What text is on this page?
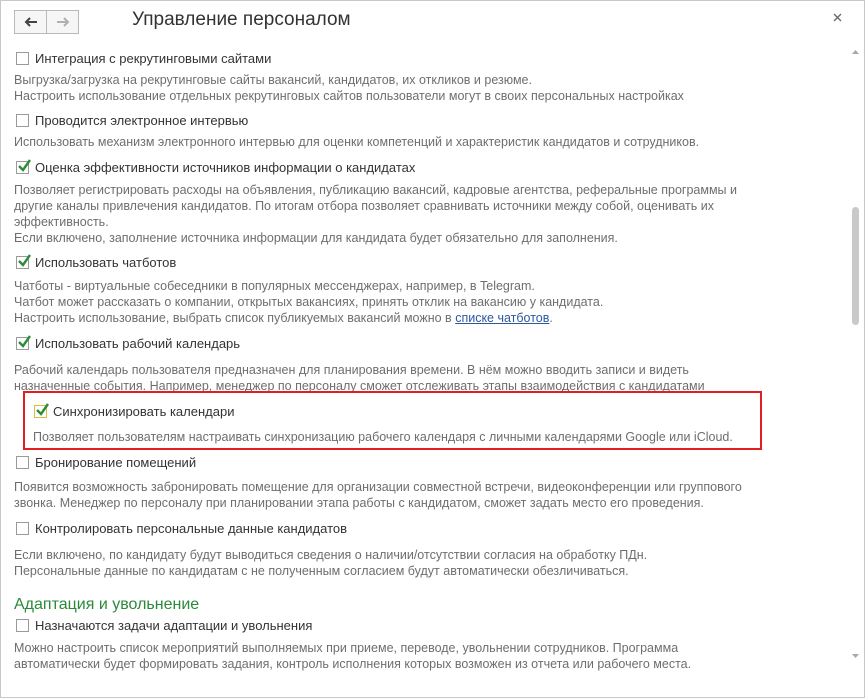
Управление персоналом
Интеграция с рекрутинговыми сайтами
Выгрузка/загрузка на рекрутинговые сайты вакансий, кандидатов, их откликов и резюме.
Настроить использование отдельных рекрутинговых сайтов пользователи могут в своих персональных настройках
Проводится электронное интервью
Использовать механизм электронного интервью для оценки компетенций и характеристик кандидатов и сотрудников.
Оценка эффективности источников информации о кандидатах
Позволяет регистрировать расходы на объявления, публикацию вакансий, кадровые агентства, реферальные программы и
другие каналы привлечения кандидатов. По итогам отбора позволяет сравнивать источники между собой, оценивать их
эффективность.
Если включено, заполнение источника информации для кандидата будет обязательно для заполнения.
Использовать чатботов
Чатботы - виртуальные собеседники в популярных мессенджерах, например, в Telegram.
Чатбот может рассказать о компании, открытых вакансиях, принять отклик на вакансию у кандидата.
Настроить использование, выбрать список публикуемых вакансий можно в списке чатботов.
Использовать рабочий календарь
Рабочий календарь пользователя предназначен для планирования времени. В нём можно вводить записи и видеть
назначенные события. Например, менеджер по персоналу сможет отслеживать этапы взаимодействия с кандидатами
Синхронизировать календари
Позволяет пользователям настраивать синхронизацию рабочего календаря с личными календарями Google или iCloud.
Бронирование помещений
Появится возможность забронировать помещение для организации совместной встречи, видеоконференции или группового
звонка. Менеджер по персоналу при планировании этапа работы с кандидатом, сможет задать место его проведения.
Контролировать персональные данные кандидатов
Если включено, по кандидату будут выводиться сведения о наличии/отсутствии согласия на обработку ПДн.
Персональные данные по кандидатам с не полученным согласием будут автоматически обезличиваться.
Адаптация и увольнение
Назначаются задачи адаптации и увольнения
Можно настроить список мероприятий выполняемых при приеме, переводе, увольнении сотрудников. Программа
автоматически будет формировать задания, контроль исполнения которых возможен из отчета или рабочего места.
